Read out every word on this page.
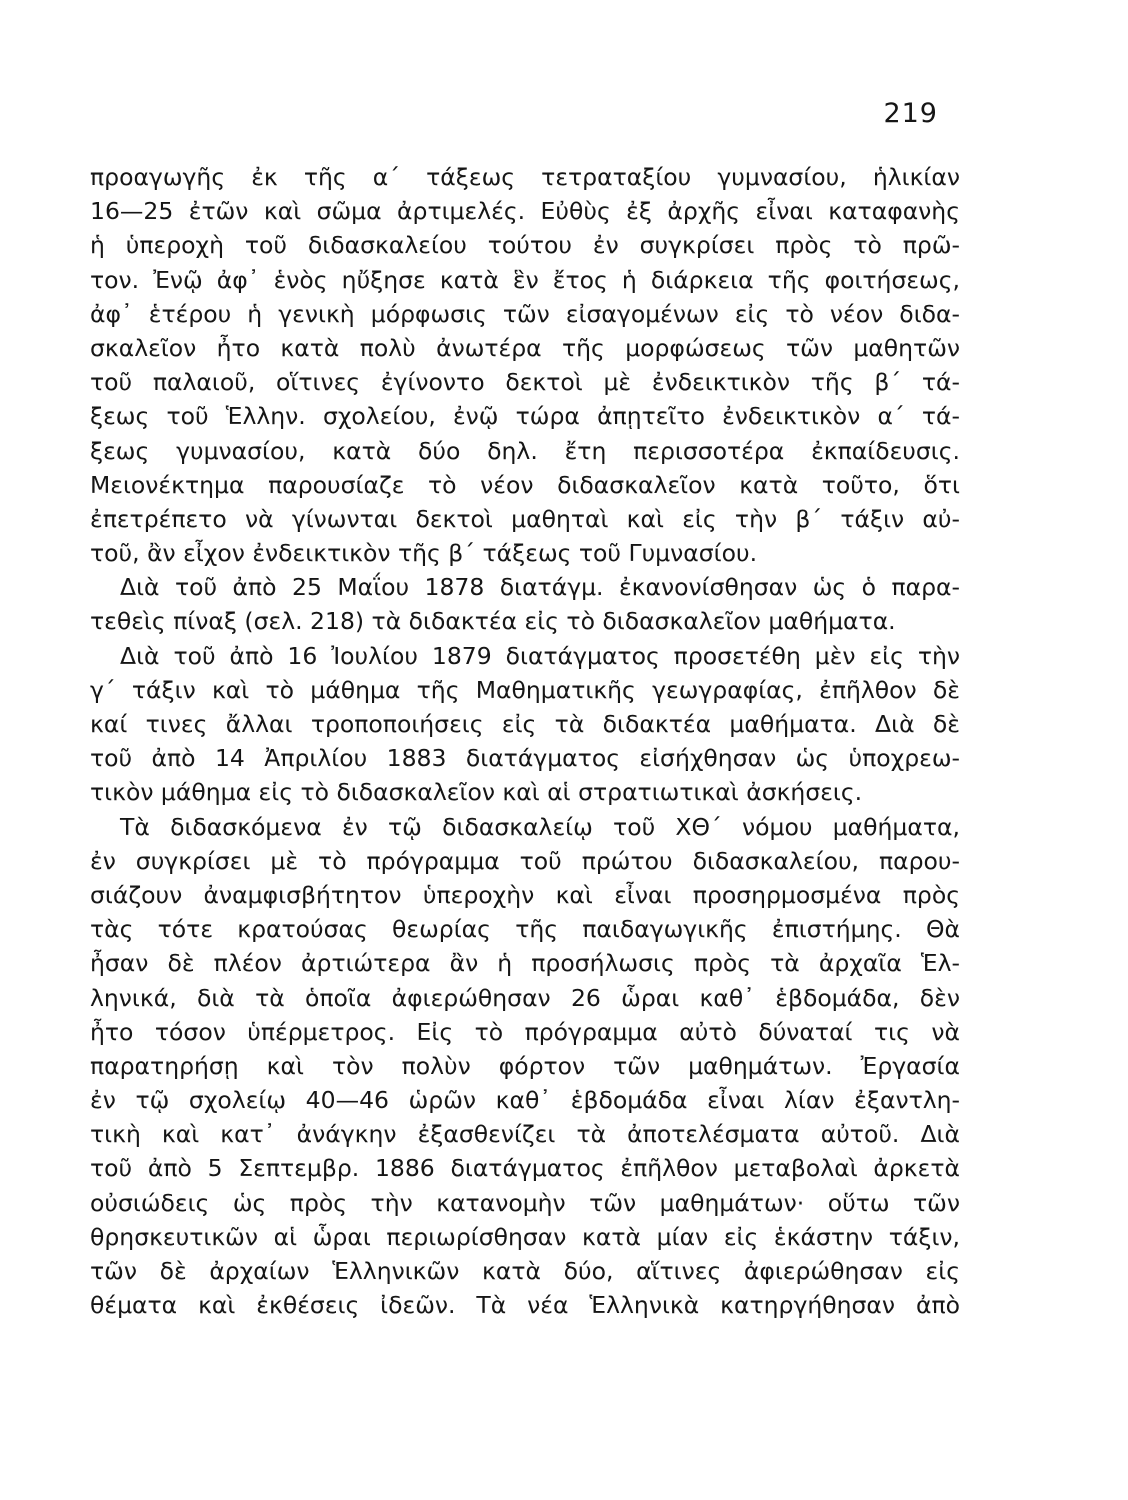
219
προαγωγῆς ἐκ τῆς α΄ τάξεως τετραταξίου γυμνασίου, ἡλικίαν
16—25 ἐτῶν καὶ σῶμα ἀρτιμελές. Εὐθὺς ἐξ ἀρχῆς εἶναι καταφανὴς
ἡ ὑπεροχὴ τοῦ διδασκαλείου τούτου ἐν συγκρίσει πρὸς τὸ πρῶ-
τον. Ἐνῷ ἀφ᾿ ἑνὸς ηὔξησε κατὰ ἓν ἔτος ἡ διάρκεια τῆς φοιτήσεως,
ἀφ᾿ ἑτέρου ἡ γενικὴ μόρφωσις τῶν εἰσαγομένων εἰς τὸ νέον διδα-
σκαλεῖον ἦτο κατὰ πολὺ ἀνωτέρα τῆς μορφώσεως τῶν μαθητῶν
τοῦ παλαιοῦ, οἵτινες ἐγίνοντο δεκτοὶ μὲ ἐνδεικτικὸν τῆς β΄ τά-
ξεως τοῦ Ἑλλην. σχολείου, ἐνῷ τώρα ἀπῃτεῖτο ἐνδεικτικὸν α΄ τά-
ξεως γυμνασίου, κατὰ δύο δηλ. ἔτη περισσοτέρα ἐκπαίδευσις.
Μειονέκτημα παρουσίαζε τὸ νέον διδασκαλεῖον κατὰ τοῦτο, ὅτι
ἐπετρέπετο νὰ γίνωνται δεκτοὶ μαθηταὶ καὶ εἰς τὴν β΄ τάξιν αὐ-
τοῦ, ἂν εἶχον ἐνδεικτικὸν τῆς β΄ τάξεως τοῦ Γυμνασίου.
Διὰ τοῦ ἀπὸ 25 Μαΐου 1878 διατάγμ. ἐκανονίσθησαν ὡς ὁ παρα-
τεθεὶς πίναξ (σελ. 218) τὰ διδακτέα εἰς τὸ διδασκαλεῖον μαθήματα.
Διὰ τοῦ ἀπὸ 16 Ἰουλίου 1879 διατάγματος προσετέθη μὲν εἰς τὴν
γ΄ τάξιν καὶ τὸ μάθημα τῆς Μαθηματικῆς γεωγραφίας, ἐπῆλθον δὲ
καί τινες ἄλλαι τροποποιήσεις εἰς τὰ διδακτέα μαθήματα. Διὰ δὲ
τοῦ ἀπὸ 14 Ἀπριλίου 1883 διατάγματος εἰσήχθησαν ὡς ὑποχρεω-
τικὸν μάθημα εἰς τὸ διδασκαλεῖον καὶ αἱ στρατιωτικαὶ ἀσκήσεις.
Τὰ διδασκόμενα ἐν τῷ διδασκαλείῳ τοῦ ΧΘ΄ νόμου μαθήματα,
ἐν συγκρίσει μὲ τὸ πρόγραμμα τοῦ πρώτου διδασκαλείου, παρου-
σιάζουν ἀναμφισβήτητον ὑπεροχὴν καὶ εἶναι προσηρμοσμένα πρὸς
τὰς τότε κρατούσας θεωρίας τῆς παιδαγωγικῆς ἐπιστήμης. Θὰ
ἦσαν δὲ πλέον ἀρτιώτερα ἂν ἡ προσήλωσις πρὸς τὰ ἀρχαῖα Ἑλ-
ληνικά, διὰ τὰ ὁποῖα ἀφιερώθησαν 26 ὧραι καθ᾿ ἑβδομάδα, δὲν
ἦτο τόσον ὑπέρμετρος. Εἰς τὸ πρόγραμμα αὐτὸ δύναταί τις νὰ
παρατηρήσῃ καὶ τὸν πολὺν φόρτον τῶν μαθημάτων. Ἐργασία
ἐν τῷ σχολείῳ 40—46 ὡρῶν καθ᾿ ἑβδομάδα εἶναι λίαν ἐξαντλη-
τικὴ καὶ κατ᾿ ἀνάγκην ἐξασθενίζει τὰ ἀποτελέσματα αὐτοῦ. Διὰ
τοῦ ἀπὸ 5 Σεπτεμβρ. 1886 διατάγματος ἐπῆλθον μεταβολαὶ ἀρκετὰ
οὐσιώδεις ὡς πρὸς τὴν κατανομὴν τῶν μαθημάτων· οὕτω τῶν
θρησκευτικῶν αἱ ὧραι περιωρίσθησαν κατὰ μίαν εἰς ἑκάστην τάξιν,
τῶν δὲ ἀρχαίων Ἑλληνικῶν κατὰ δύο, αἵτινες ἀφιερώθησαν εἰς
θέματα καὶ ἐκθέσεις ἰδεῶν. Τὰ νέα Ἑλληνικὰ κατηργήθησαν ἀπὸ
